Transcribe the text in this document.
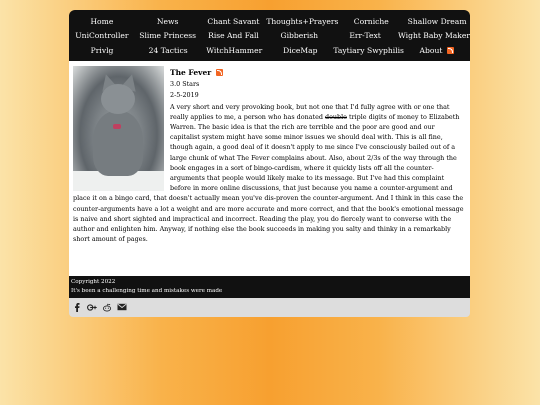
Home	News	Chant Savant Thoughts+Prayers	Corniche	Shallow Dream
UniController	Slime Princess	Rise And Fall	Gibberish	Err-Text	Wight Baby Maker
Privlg	24 Tactics	WitchHammer	DiceMap	Taytiary Swyphilis	About
The Fever
3.0 Stars
2-5-2019
A very short and very provoking book, but not one that I'd fully agree with or one that really applies to me, a person who has donated double triple digits of money to Elizabeth Warren. The basic idea is that the rich are terrible and the poor are good and our capitalist system might have some minor issues we should deal with. This is all fine, though again, a good deal of it doesn't apply to me since I've consciously bailed out of a large chunk of what The Fever complains about. Also, about 2/3s of the way through the book engages in a sort of bingo-cardism, where it quickly lists off all the counter-arguments that people would likely make to its message. But I've had this complaint before in more online discussions, that just because you name a counter-argument and place it on a bingo card, that doesn't actually mean you've dis-proven the counter-argument. And I think in this case the counter-arguments have a lot a weight and are more accurate and more correct, and that the book's emotional message is naive and short sighted and impractical and incorrect. Reading the play, you do fiercely want to converse with the author and enlighten him. Anyway, if nothing else the book succeeds in making you salty and thinky in a remarkably short amount of pages.
Copyright 2022
It's been a challenging time and mistakes were made
